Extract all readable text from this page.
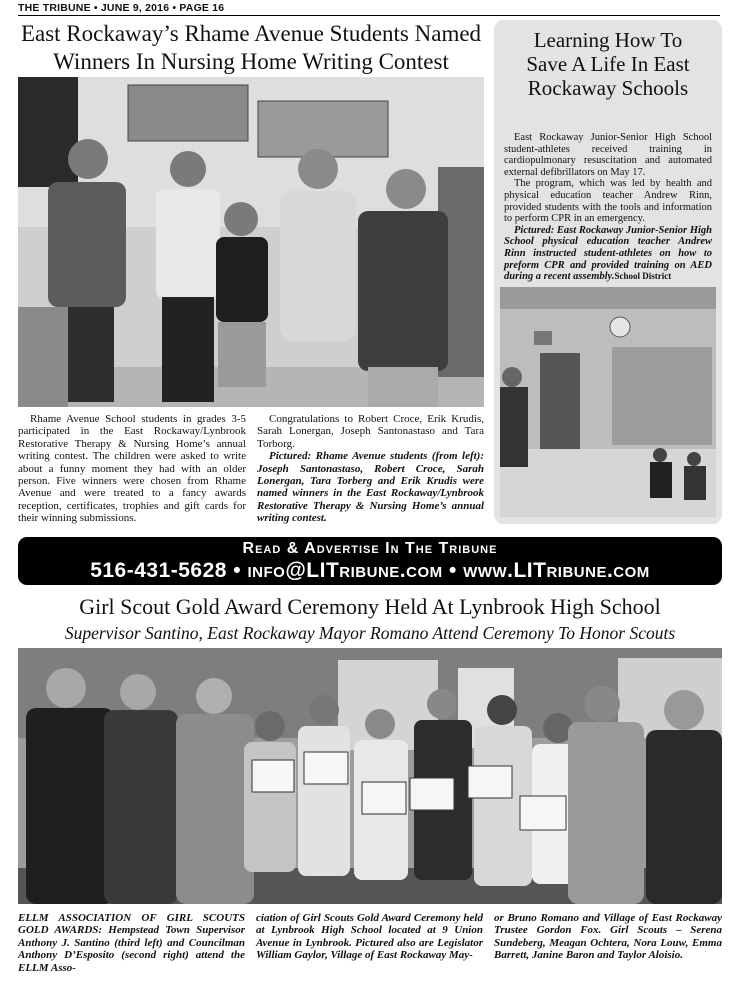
THE TRIBUNE • JUNE 9, 2016 • PAGE 16
East Rockaway’s Rhame Avenue Students Named
Winners In Nursing Home Writing Contest

Rhame Avenue School students in grades 3-5 participated in the East Rockaway/Lynbrook Restorative Therapy & Nursing Home’s annual writing contest. The children were asked to write about a funny moment they had with an older person. Five winners were chosen from Rhame Avenue and were treated to a fancy awards reception, certificates, trophies and gift cards for their winning submissions.

Congratulations to Robert Croce, Erik Krudis, Sarah Lonergan, Joseph Santonastaso and Tara Torborg.

Pictured: Rhame Avenue students (from left): Joseph Santonastaso, Robert Croce, Sarah Lonergan, Tara Torberg and Erik Krudis were named winners in the East Rockaway/Lynbrook Restorative Therapy & Nursing Home’s annual writing contest.

Learning How To
Save A Life In East
Rockaway Schools

East Rockaway Junior-Senior High School student-athletes received training in cardiopulmonary resuscitation and automated external defibrillators on May 17.

The program, which was led by health and physical education teacher Andrew Rinn, provided students with the tools and information to perform CPR in an emergency.

Pictured: East Rockaway Junior-Senior High School physical education teacher Andrew Rinn instructed student-athletes on how to preform CPR and provided training on AED during a recent assembly.School District

Read & Advertise In The Tribune
516-431-5628 • info@LITribune.com • www.LITribune.com
Girl Scout Gold Award Ceremony Held At Lynbrook High School
Supervisor Santino, East Rockaway Mayor Romano Attend Ceremony To Honor Scouts
ELLM ASSOCIATION OF GIRL SCOUTS GOLD AWARDS: Hempstead Town Supervisor Anthony J. Santino (third left) and Councilman Anthony D’Esposito (second right) attend the ELLM Asso-
ciation of Girl Scouts Gold Award Ceremony held at Lynbrook High School located at 9 Union Avenue in Lynbrook. Pictured also are Legislator William Gaylor, Village of East Rockaway May-
or Bruno Romano and Village of East Rockaway Trustee Gordon Fox. Girl Scouts – Serena Sundeberg, Meagan Ochtera, Nora Louw, Emma Barrett, Janine Baron and Taylor Aloisio.
